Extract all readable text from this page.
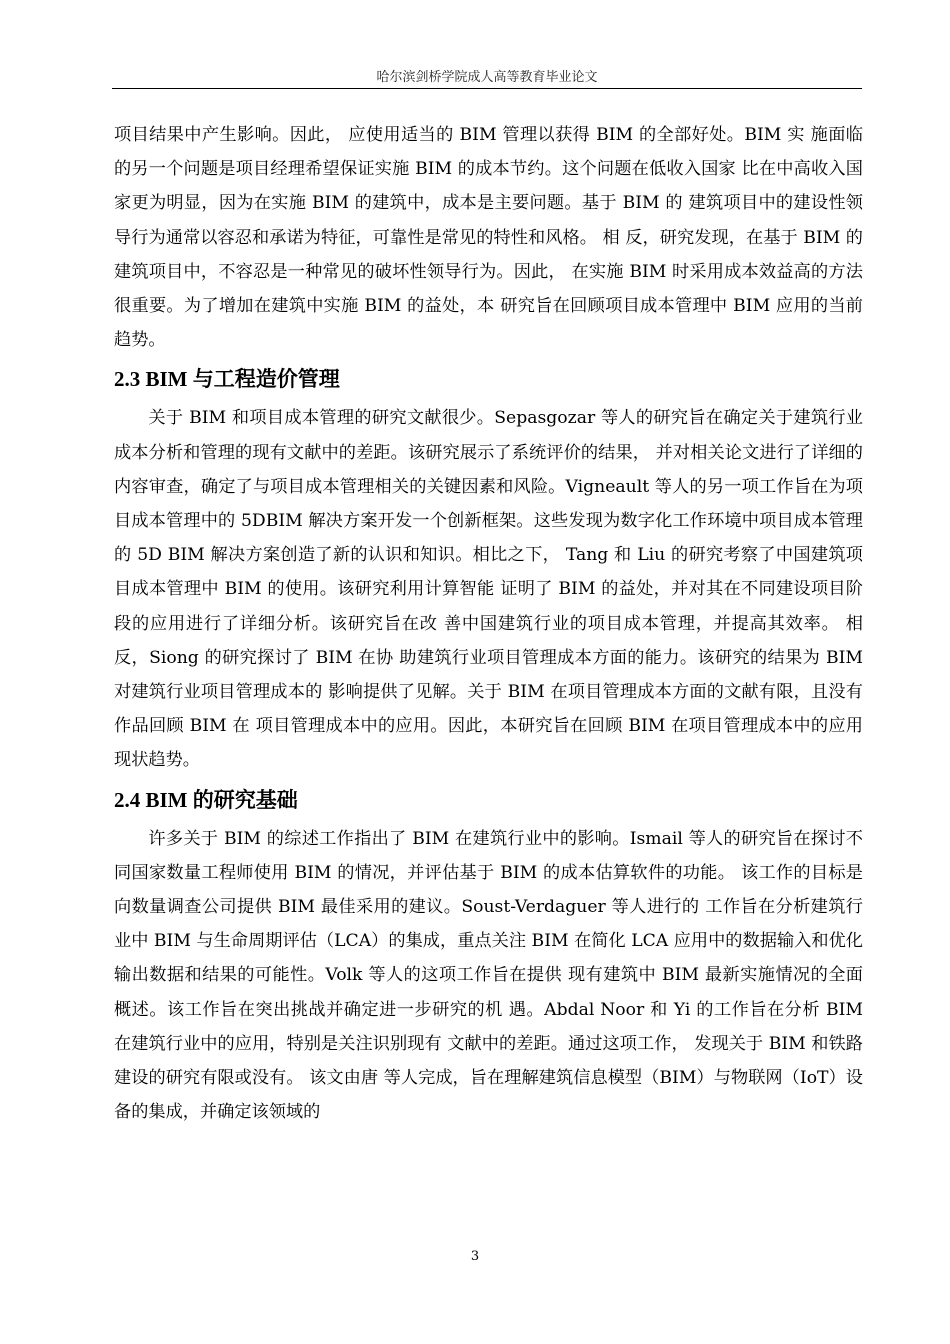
哈尔滨剑桥学院成人高等教育毕业论文

项目结果中产生影响。因此， 应使用适当的 BIM 管理以获得 BIM 的全部好处。BIM 实 施面临的另一个问题是项目经理希望保证实施 BIM 的成本节约。这个问题在低收入国家 比在中高收入国家更为明显，因为在实施 BIM 的建筑中，成本是主要问题。基于 BIM 的 建筑项目中的建设性领导行为通常以容忍和承诺为特征，可靠性是常见的特性和风格。 相 反，研究发现，在基于 BIM 的建筑项目中，不容忍是一种常见的破坏性领导行为。因此， 在实施 BIM 时采用成本效益高的方法很重要。为了增加在建筑中实施 BIM 的益处，本 研究旨在回顾项目成本管理中 BIM 应用的当前趋势。

2.3 BIM 与工程造价管理

关于 BIM 和项目成本管理的研究文献很少。Sepasgozar 等人的研究旨在确定关于建筑行业成本分析和管理的现有文献中的差距。该研究展示了系统评价的结果， 并对相关论文进行了详细的内容审查，确定了与项目成本管理相关的关键因素和风险。Vigneault 等人的另一项工作旨在为项目成本管理中的 5DBIM 解决方案开发一个创新框架。这些发现为数字化工作环境中项目成本管理的 5D BIM 解决方案创造了新的认识和知识。相比之下， Tang 和 Liu 的研究考察了中国建筑项目成本管理中 BIM 的使用。该研究利用计算智能 证明了 BIM 的益处，并对其在不同建设项目阶段的应用进行了详细分析。该研究旨在改 善中国建筑行业的项目成本管理，并提高其效率。 相反，Siong 的研究探讨了 BIM 在协 助建筑行业项目管理成本方面的能力。该研究的结果为 BIM 对建筑行业项目管理成本的 影响提供了见解。关于 BIM 在项目管理成本方面的文献有限，且没有作品回顾 BIM 在 项目管理成本中的应用。因此，本研究旨在回顾 BIM 在项目管理成本中的应用现状趋势。

2.4 BIM 的研究基础

许多关于 BIM 的综述工作指出了 BIM 在建筑行业中的影响。Ismail 等人的研究旨在探讨不同国家数量工程师使用 BIM 的情况，并评估基于 BIM 的成本估算软件的功能。 该工作的目标是向数量调查公司提供 BIM 最佳采用的建议。Soust-Verdaguer 等人进行的 工作旨在分析建筑行业中 BIM 与生命周期评估（LCA）的集成，重点关注 BIM 在简化 LCA 应用中的数据输入和优化输出数据和结果的可能性。Volk 等人的这项工作旨在提供 现有建筑中 BIM 最新实施情况的全面概述。该工作旨在突出挑战并确定进一步研究的机 遇。Abdal Noor 和 Yi 的工作旨在分析 BIM 在建筑行业中的应用，特别是关注识别现有 文献中的差距。通过这项工作， 发现关于 BIM 和铁路建设的研究有限或没有。 该文由唐 等人完成，旨在理解建筑信息模型（BIM）与物联网（IoT）设备的集成，并确定该领域的

3
